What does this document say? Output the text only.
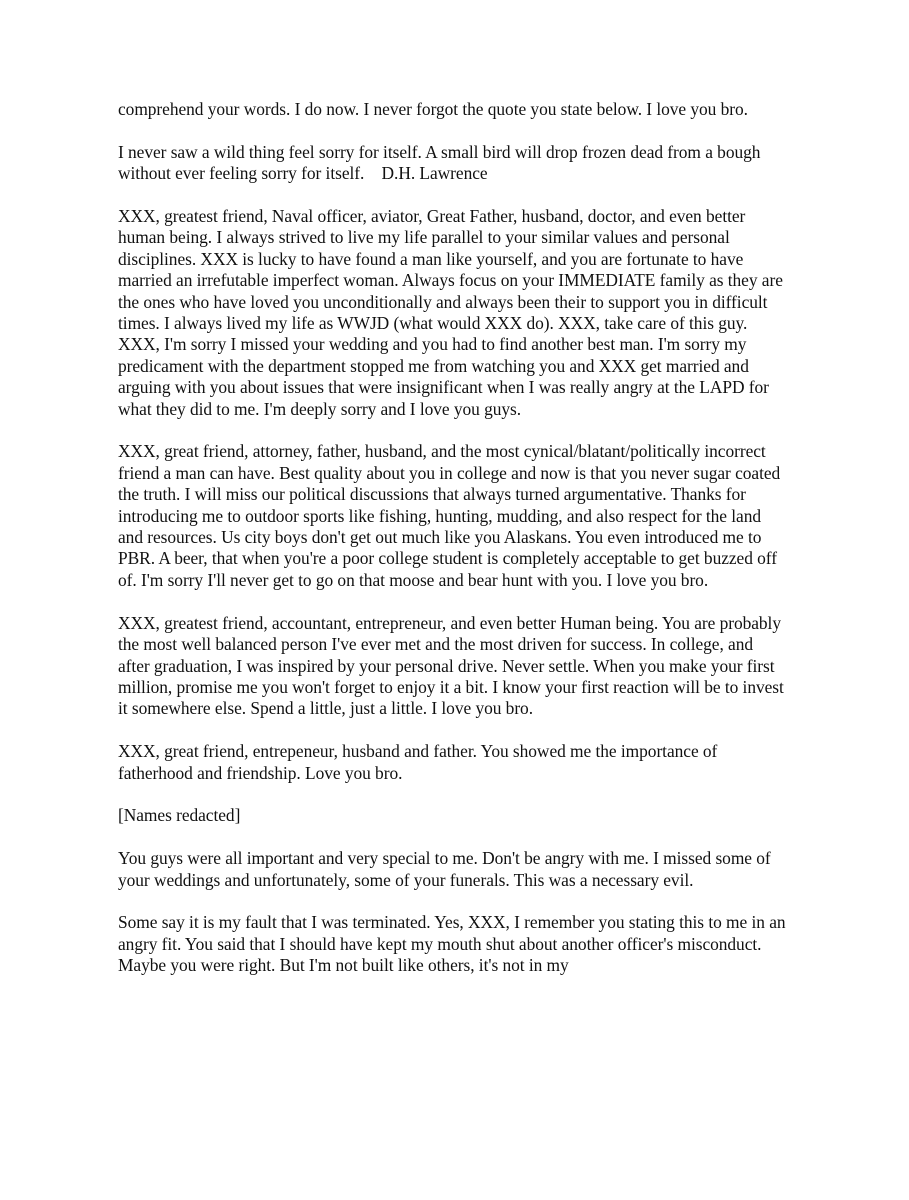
comprehend your words. I do now. I never forgot the quote you state below. I love you bro.

I never saw a wild thing feel sorry for itself. A small bird will drop frozen dead from a bough without ever feeling sorry for itself.    D.H. Lawrence

XXX, greatest friend, Naval officer, aviator, Great Father, husband, doctor, and even better human being. I always strived to live my life parallel to your similar values and personal disciplines. XXX is lucky to have found a man like yourself, and you are fortunate to have married an irrefutable imperfect woman. Always focus on your IMMEDIATE family as they are the ones who have loved you unconditionally and always been their to support you in difficult times. I always lived my life as WWJD (what would XXX do). XXX, take care of this guy. XXX, I'm sorry I missed your wedding and you had to find another best man. I'm sorry my predicament with the department stopped me from watching you and XXX get married and arguing with you about issues that were insignificant when I was really angry at the LAPD for what they did to me. I'm deeply sorry and I love you guys.

XXX, great friend, attorney, father, husband, and the most cynical/blatant/politically incorrect friend a man can have. Best quality about you in college and now is that you never sugar coated the truth. I will miss our political discussions that always turned argumentative. Thanks for introducing me to outdoor sports like fishing, hunting, mudding, and also respect for the land and resources. Us city boys don't get out much like you Alaskans. You even introduced me to PBR. A beer, that when you're a poor college student is completely acceptable to get buzzed off of. I'm sorry I'll never get to go on that moose and bear hunt with you. I love you bro.

XXX, greatest friend, accountant, entrepreneur, and even better Human being. You are probably the most well balanced person I've ever met and the most driven for success. In college, and after graduation, I was inspired by your personal drive. Never settle. When you make your first million, promise me you won't forget to enjoy it a bit. I know your first reaction will be to invest it somewhere else. Spend a little, just a little. I love you bro.

XXX, great friend, entrepeneur, husband and father. You showed me the importance of fatherhood and friendship. Love you bro.

[Names redacted]

You guys were all important and very special to me. Don't be angry with me. I missed some of your weddings and unfortunately, some of your funerals. This was a necessary evil.

Some say it is my fault that I was terminated. Yes, XXX, I remember you stating this to me in an angry fit. You said that I should have kept my mouth shut about another officer's misconduct. Maybe you were right. But I'm not built like others, it's not in my
